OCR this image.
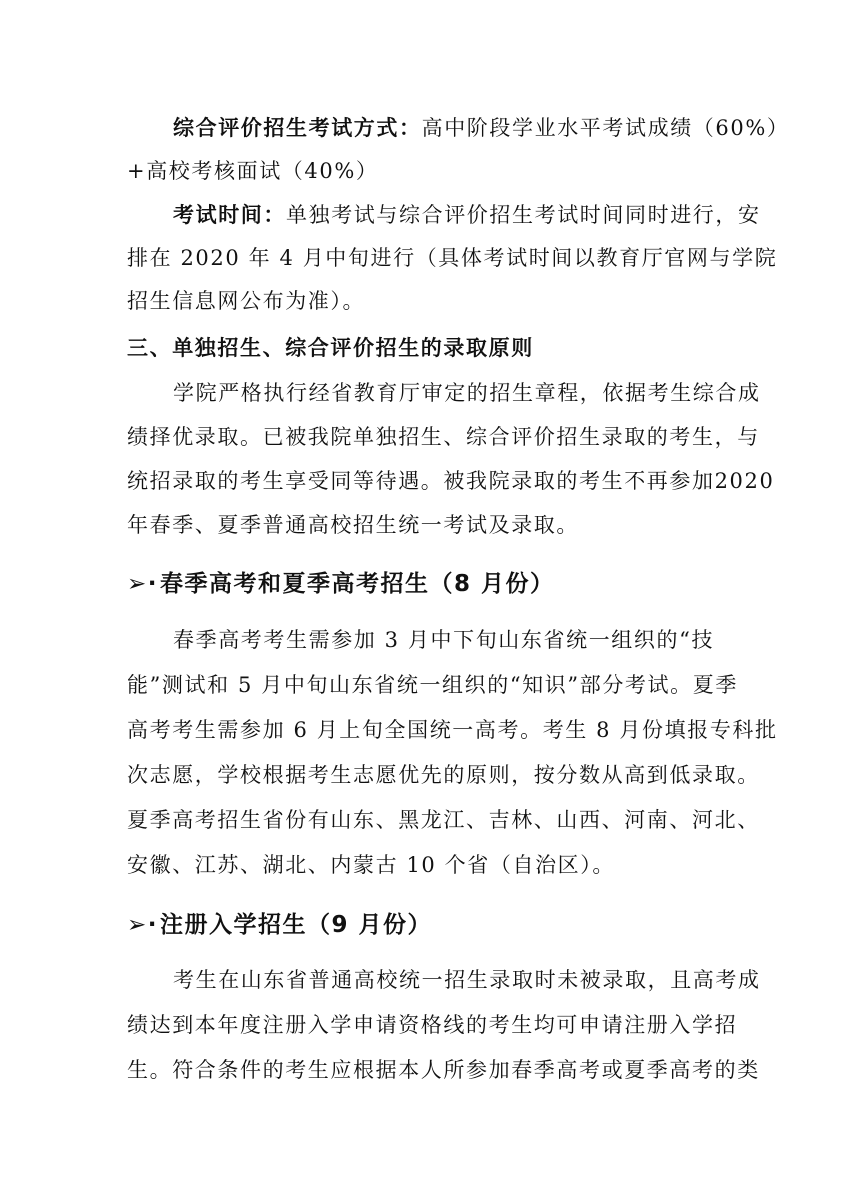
综合评价招生考试方式：高中阶段学业水平考试成绩（60%）
+高校考核面试（40%）
考试时间：单独考试与综合评价招生考试时间同时进行，安
排在 2020 年 4 月中旬进行（具体考试时间以教育厅官网与学院
招生信息网公布为准）。
三、单独招生、综合评价招生的录取原则
学院严格执行经省教育厅审定的招生章程，依据考生综合成
绩择优录取。已被我院单独招生、综合评价招生录取的考生，与
统招录取的考生享受同等待遇。被我院录取的考生不再参加2020
年春季、夏季普通高校招生统一考试及录取。
➢·春季高考和夏季高考招生（8 月份）
春季高考考生需参加 3 月中下旬山东省统一组织的“技
能”测试和 5 月中旬山东省统一组织的“知识”部分考试。夏季
高考考生需参加 6 月上旬全国统一高考。考生 8 月份填报专科批
次志愿，学校根据考生志愿优先的原则，按分数从高到低录取。
夏季高考招生省份有山东、黑龙江、吉林、山西、河南、河北、
安徽、江苏、湖北、内蒙古 10 个省（自治区）。
➢·注册入学招生（9 月份）
考生在山东省普通高校统一招生录取时未被录取，且高考成
绩达到本年度注册入学申请资格线的考生均可申请注册入学招
生。符合条件的考生应根据本人所参加春季高考或夏季高考的类
